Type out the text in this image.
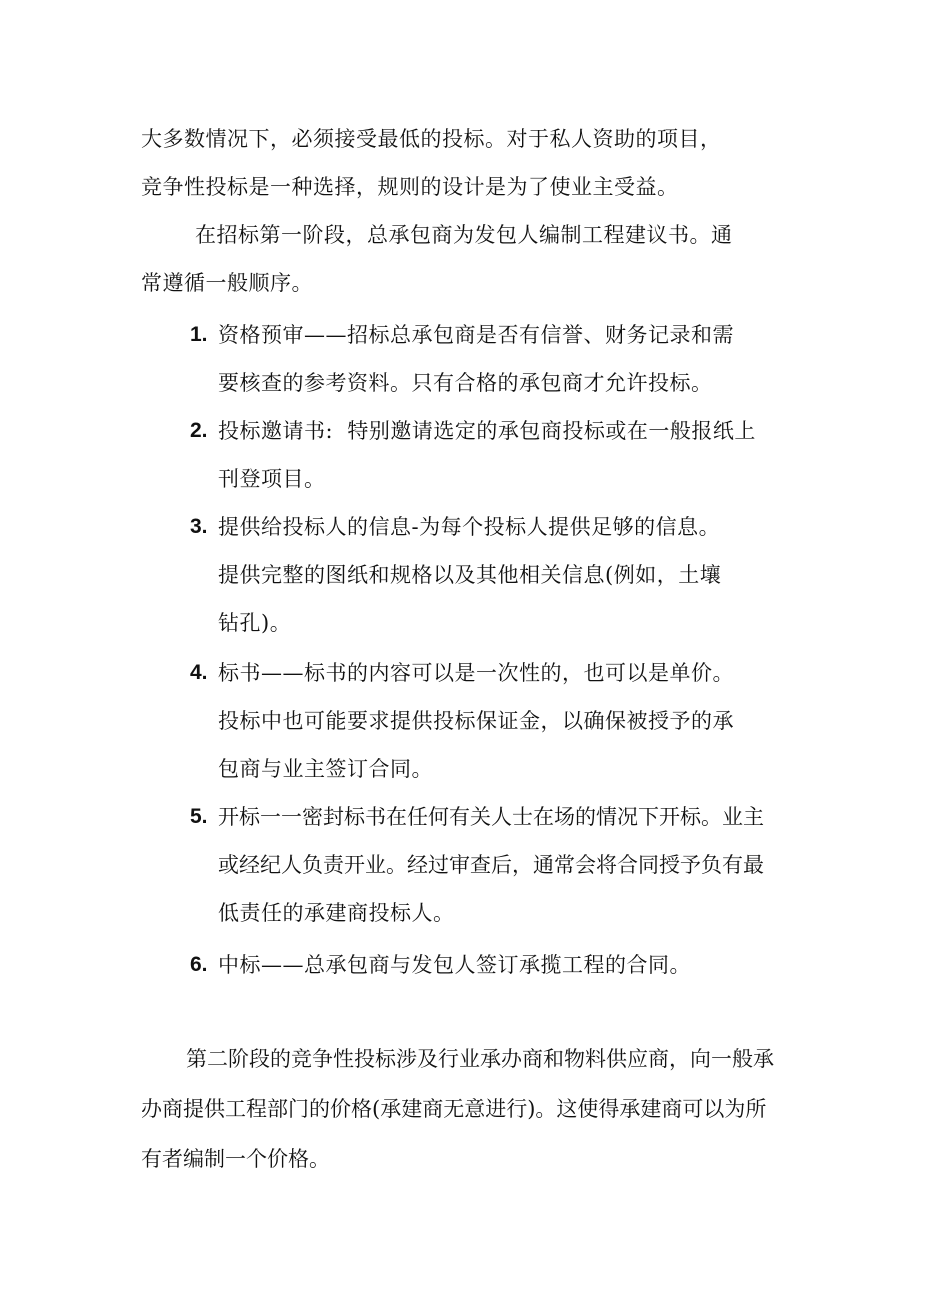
大多数情况下，必须接受最低的投标。对于私人资助的项目，
竞争性投标是一种选择，规则的设计是为了使业主受益。
在招标第一阶段，总承包商为发包人编制工程建议书。通
常遵循一般顺序。
1. 资格预审——招标总承包商是否有信誉、财务记录和需
要核查的参考资料。只有合格的承包商才允许投标。
2. 投标邀请书:  特别邀请选定的承包商投标或在一般报纸上
刊登项目。
3. 提供给投标人的信息-为每个投标人提供足够的信息。
提供完整的图纸和规格以及其他相关信息(例如，土壤
钻孔)。
4. 标书——标书的内容可以是一次性的，也可以是单价。
投标中也可能要求提供投标保证金，以确保被授予的承
包商与业主签订合同。
5. 开标一一密封标书在任何有关人士在场的情况下开标。业主
或经纪人负责开业。经过审查后，通常会将合同授予负有最
低责任的承建商投标人。
6. 中标——总承包商与发包人签订承揽工程的合同。
第二阶段的竞争性投标涉及行业承办商和物料供应商，向一般承
办商提供工程部门的价格(承建商无意进行)。这使得承建商可以为所
有者编制一个价格。
